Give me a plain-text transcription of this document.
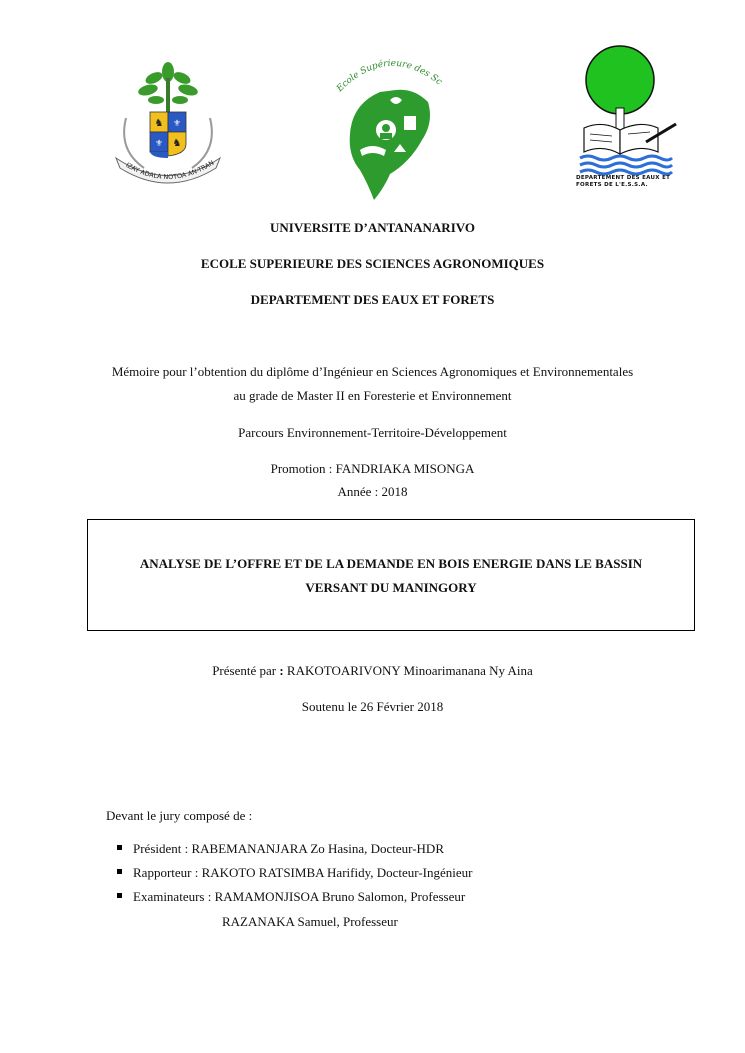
♞ ⚜
⚜ ♞
IZAY ADALA NOTOA AN-TRAN
Ecole Supérieure des Sc
DEPARTEMENT DES EAUX ET FORETS DE L'E.S.S.A.
UNIVERSITE D’ANTANANARIVO
ECOLE SUPERIEURE DES SCIENCES AGRONOMIQUES
DEPARTEMENT DES EAUX ET FORETS
Mémoire pour l’obtention du diplôme d’Ingénieur en Sciences Agronomiques et Environnementales
au grade de Master II en Foresterie et Environnement
Parcours Environnement-Territoire-Développement
Promotion : FANDRIAKA MISONGA
Année : 2018
ANALYSE DE L’OFFRE ET DE LA DEMANDE EN BOIS ENERGIE DANS LE BASSIN
VERSANT DU MANINGORY
Présenté par : RAKOTOARIVONY Minoarimanana Ny Aina
Soutenu le 26 Février 2018
Devant le jury composé de :
Président : RABEMANANJARA Zo Hasina, Docteur-HDR
Rapporteur : RAKOTO RATSIMBA Harifidy, Docteur-Ingénieur
Examinateurs : RAMAMONJISOA Bruno Salomon, Professeur
RAZANAKA Samuel, Professeur
